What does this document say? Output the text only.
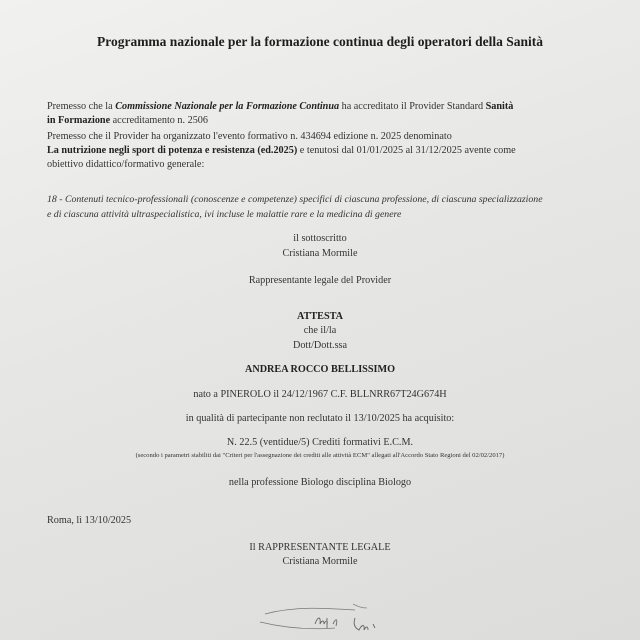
Programma nazionale per la formazione continua degli operatori della Sanità
Premesso che la Commissione Nazionale per la Formazione Continua ha accreditato il Provider Standard Sanità
in Formazione accreditamento n. 2506
Premesso che il Provider ha organizzato l'evento formativo n. 434694 edizione n. 2025 denominato
La nutrizione negli sport di potenza e resistenza (ed.2025) e tenutosi dal 01/01/2025 al 31/12/2025 avente come
obiettivo didattico/formativo generale:
18 - Contenuti tecnico-professionali (conoscenze e competenze) specifici di ciascuna professione, di ciascuna specializzazione
e di ciascuna attività ultraspecialistica, ivi incluse le malattie rare e la medicina di genere
il sottoscritto
Cristiana Mormile
Rappresentante legale del Provider
ATTESTA
che il/la
Dott/Dott.ssa
ANDREA ROCCO BELLISSIMO
nato a PINEROLO il 24/12/1967 C.F. BLLNRR67T24G674H
in qualità di partecipante non reclutato il 13/10/2025 ha acquisito:
N. 22.5 (ventidue/5) Crediti formativi E.C.M.
(secondo i parametri stabiliti dai "Criteri per l'assegnazione dei crediti alle attività ECM" allegati all'Accordo Stato Regioni del 02/02/2017)
nella professione Biologo disciplina Biologo
Roma, lì 13/10/2025
Il RAPPRESENTANTE LEGALE
Cristiana Mormile
